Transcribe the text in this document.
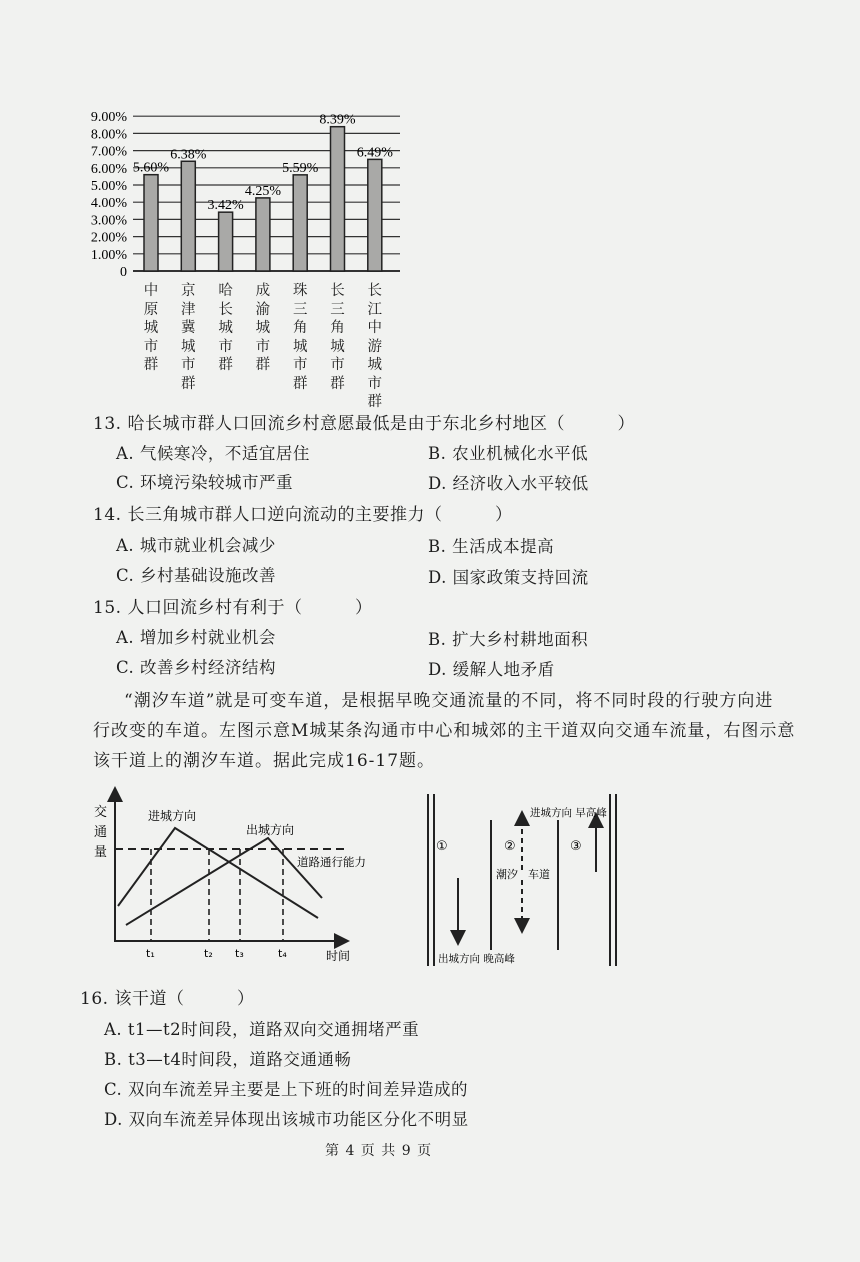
0
1.00%
2.00%
3.00%
4.00%
5.00%
6.00%
7.00%
8.00%
9.00%
5.60%
6.38%
3.42%
4.25%
5.59%
8.39%
6.49%
中原城市群
京津冀城市群
哈长城市群
成渝城市群
珠三角城市群
长三角城市群
长江中游城市群
13. 哈长城市群人口回流乡村意愿最低是由于东北乡村地区（　　　）
A. 气候寒冷，不适宜居住	B. 农业机械化水平低
C. 环境污染较城市严重	D. 经济收入水平较低
14. 长三角城市群人口逆向流动的主要推力（　　　）
A. 城市就业机会减少	B. 生活成本提高
C. 乡村基础设施改善	D. 国家政策支持回流
15. 人口回流乡村有利于（　　　）
A. 增加乡村就业机会	B. 扩大乡村耕地面积
C. 改善乡村经济结构	D. 缓解人地矛盾
“潮汐车道”就是可变车道，是根据早晚交通流量的不同，将不同时段的行驶方向进
行改变的车道。左图示意M城某条沟通市中心和城郊的主干道双向交通车流量，右图示意
该干道上的潮汐车道。据此完成16-17题。
交
通
量
道路通行能力
进城方向
出城方向
t₁	t₂ t₃	t₄	时间
①	②	③
潮汐 车道
进城方向 早高峰
出城方向 晚高峰
16. 该干道（　　　）
A. t1—t2时间段，道路双向交通拥堵严重
B. t3—t4时间段，道路交通通畅
C. 双向车流差异主要是上下班的时间差异造成的
D. 双向车流差异体现出该城市功能区分化不明显
第 4 页 共 9 页
